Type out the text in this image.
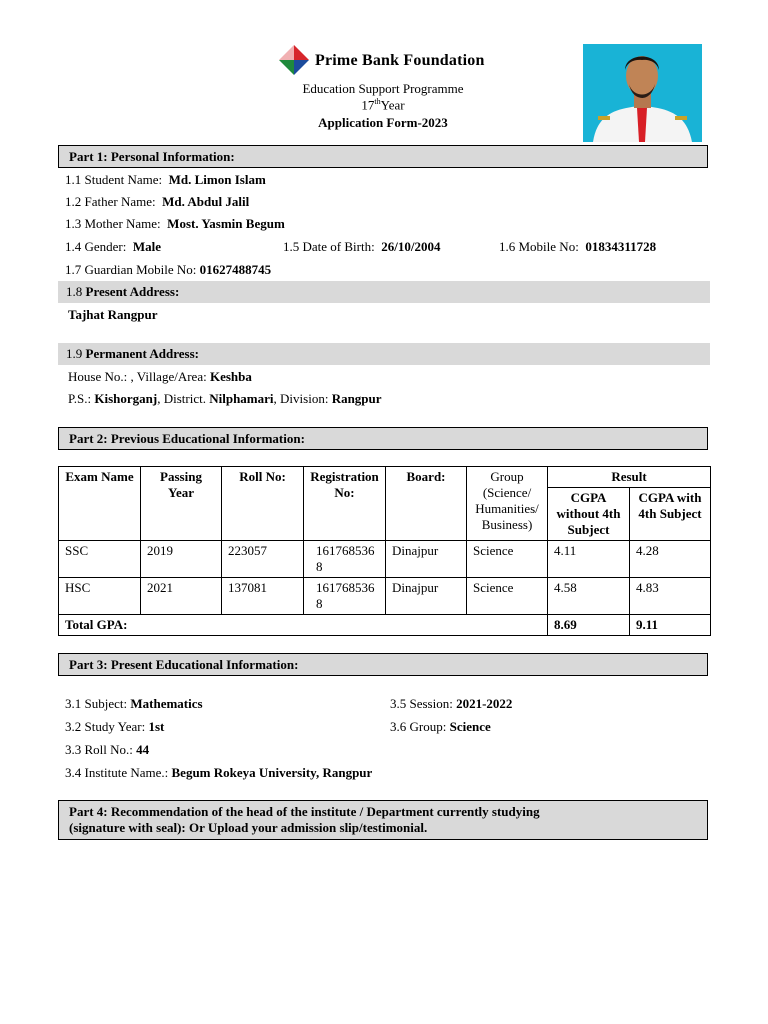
Prime Bank Foundation
Education Support Programme
17thYear
Application Form-2023
Part 1: Personal Information:
1.1 Student Name: Md. Limon Islam
1.2 Father Name: Md. Abdul Jalil
1.3 Mother Name: Most. Yasmin Begum
1.4 Gender: Male	1.5 Date of Birth: 26/10/2004	1.6 Mobile No: 01834311728
1.7 Guardian Mobile No: 01627488745
1.8 Present Address:
Tajhat Rangpur
1.9 Permanent Address:
House No.: , Village/Area: Keshba
P.S.: Kishorganj, District. Nilphamari, Division: Rangpur
Part 2: Previous Educational Information:
Exam Name	Passing Year	Roll No:	Registration No:	Board:	Group (Science/ Humanities/ Business)	Result	
						CGPA without 4th Subject	CGPA with 4th Subject
SSC	2019	223057	1617685368	Dinajpur	Science	4.11	4.28
HSC	2021	137081	1617685368	Dinajpur	Science	4.58	4.83
Total GPA:						8.69	9.11
Part 3: Present Educational Information:
3.1 Subject: Mathematics	3.5 Session: 2021-2022
3.2 Study Year: 1st	3.6 Group: Science
3.3 Roll No.: 44
3.4 Institute Name.: Begum Rokeya University, Rangpur
Part 4: Recommendation of the head of the institute / Department currently studying
(signature with seal): Or Upload your admission slip/testimonial.
